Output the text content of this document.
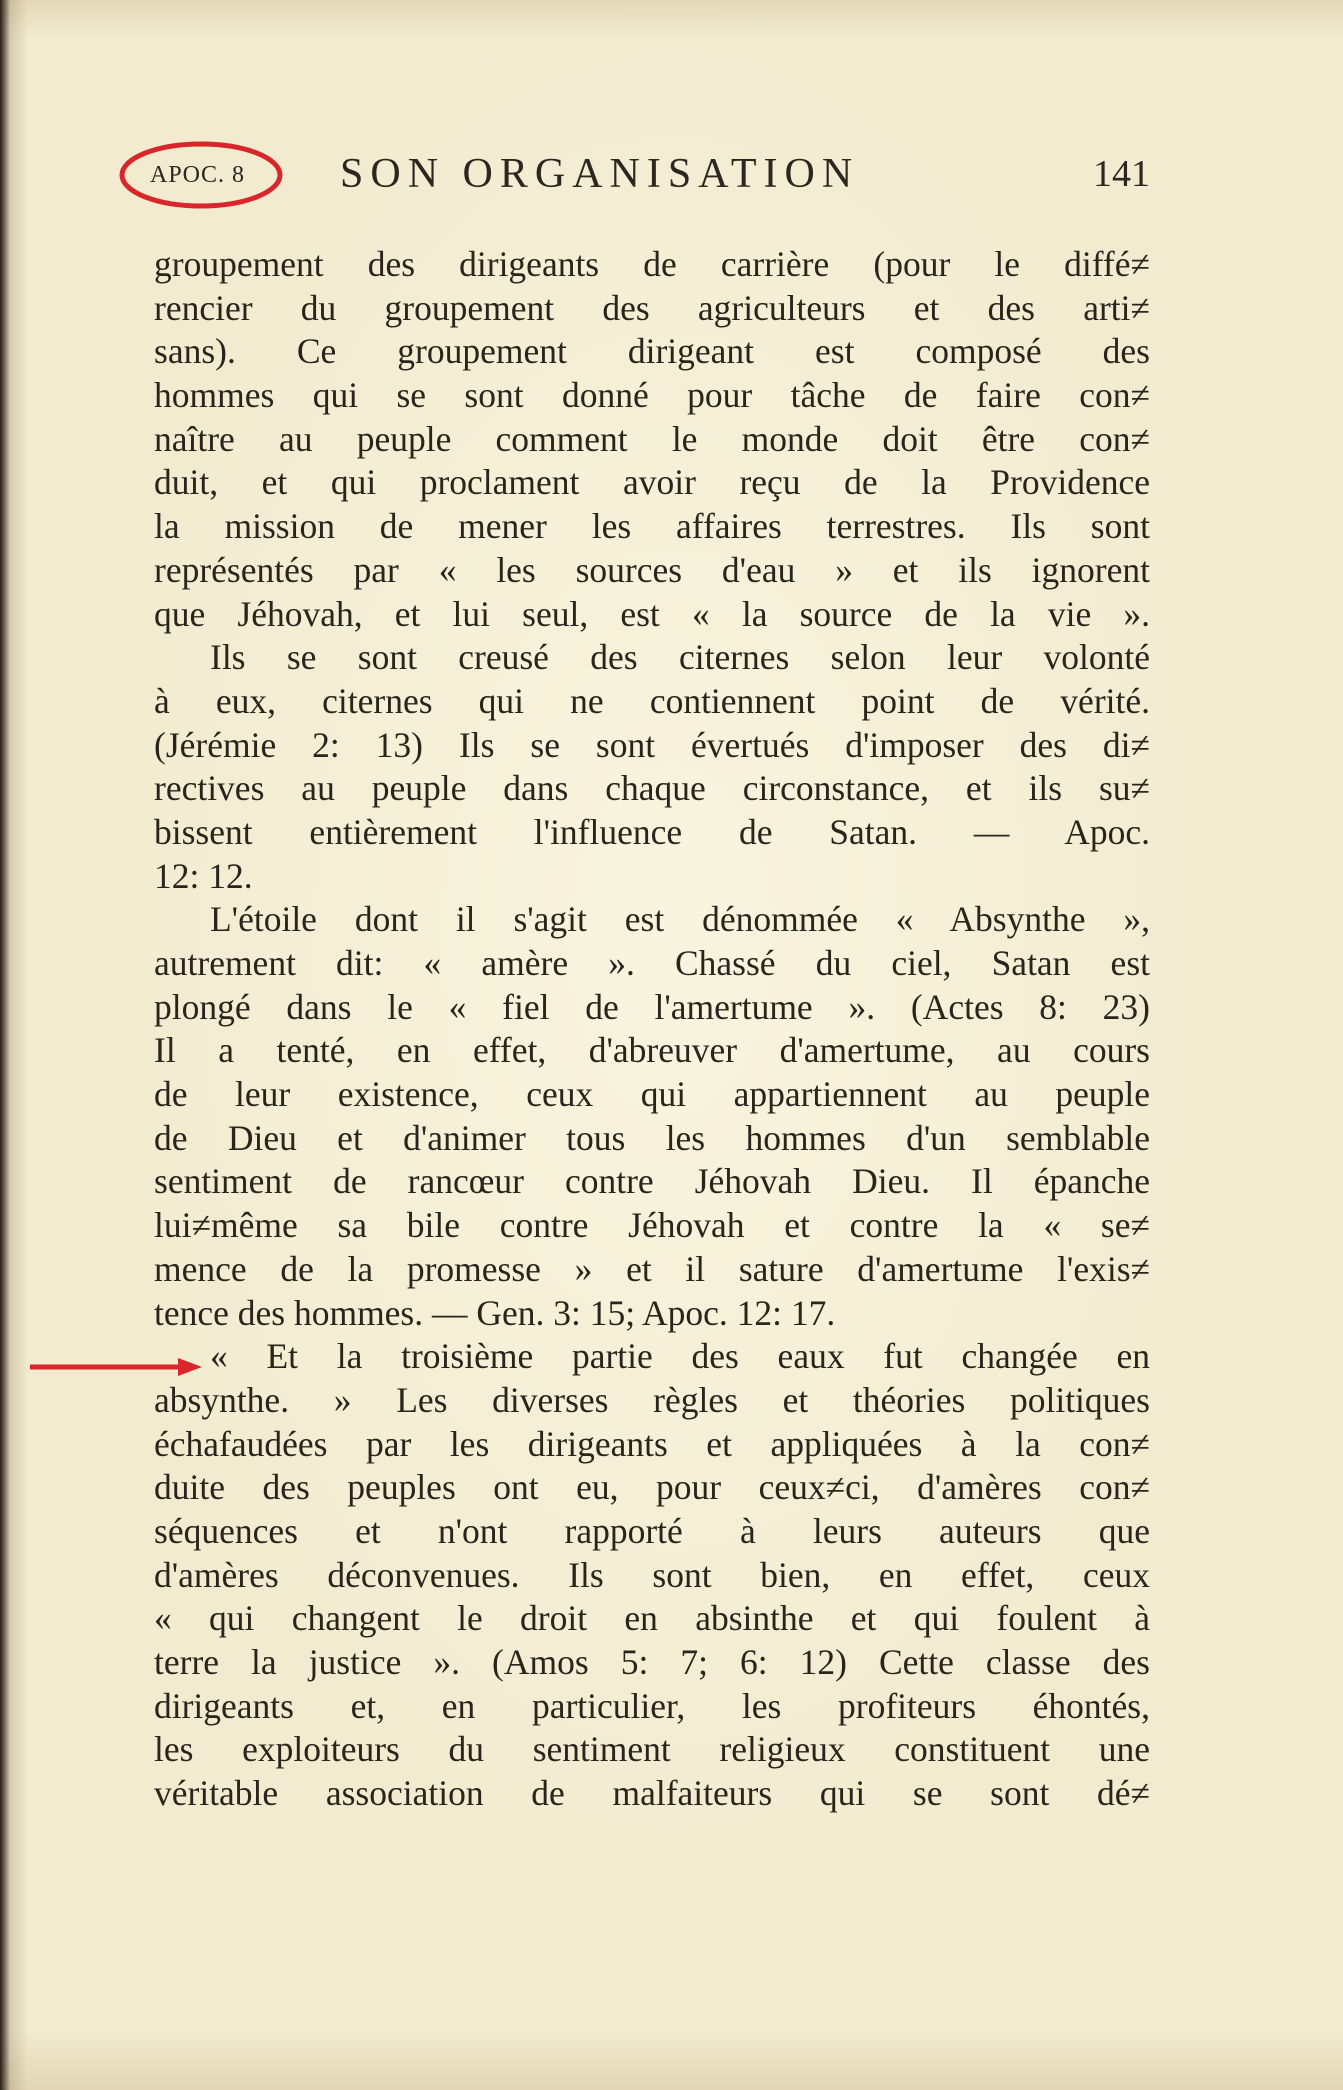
APOC. 8 SON ORGANISATION	141
groupement des dirigeants de carrière (pour le diffé≠
rencier du groupement des agriculteurs et des arti≠
sans). Ce groupement dirigeant est composé des
hommes qui se sont donné pour tâche de faire con≠
naître au peuple comment le monde doit être con≠
duit, et qui proclament avoir reçu de la Providence
la mission de mener les affaires terrestres. Ils sont
représentés par « les sources d'eau » et ils ignorent
que Jéhovah, et lui seul, est « la source de la vie ».
Ils se sont creusé des citernes selon leur volonté
à eux, citernes qui ne contiennent point de vérité.
(Jérémie 2: 13) Ils se sont évertués d'imposer des di≠
rectives au peuple dans chaque circonstance, et ils su≠
bissent entièrement l'influence de Satan. — Apoc.
12: 12.
L'étoile dont il s'agit est dénommée « Absynthe »,
autrement dit: « amère ». Chassé du ciel, Satan est
plongé dans le « fiel de l'amertume ». (Actes 8: 23)
Il a tenté, en effet, d'abreuver d'amertume, au cours
de leur existence, ceux qui appartiennent au peuple
de Dieu et d'animer tous les hommes d'un semblable
sentiment de rancœur contre Jéhovah Dieu. Il épanche
lui≠même sa bile contre Jéhovah et contre la « se≠
mence de la promesse » et il sature d'amertume l'exis≠
tence des hommes. — Gen. 3: 15; Apoc. 12: 17.
« Et la troisième partie des eaux fut changée en
absynthe. » Les diverses règles et théories politiques
échafaudées par les dirigeants et appliquées à la con≠
duite des peuples ont eu, pour ceux≠ci, d'amères con≠
séquences et n'ont rapporté à leurs auteurs que
d'amères déconvenues. Ils sont bien, en effet, ceux
« qui changent le droit en absinthe et qui foulent à
terre la justice ». (Amos 5: 7; 6: 12) Cette classe des
dirigeants et, en particulier, les profiteurs éhontés,
les exploiteurs du sentiment religieux constituent une
véritable association de malfaiteurs qui se sont dé≠
